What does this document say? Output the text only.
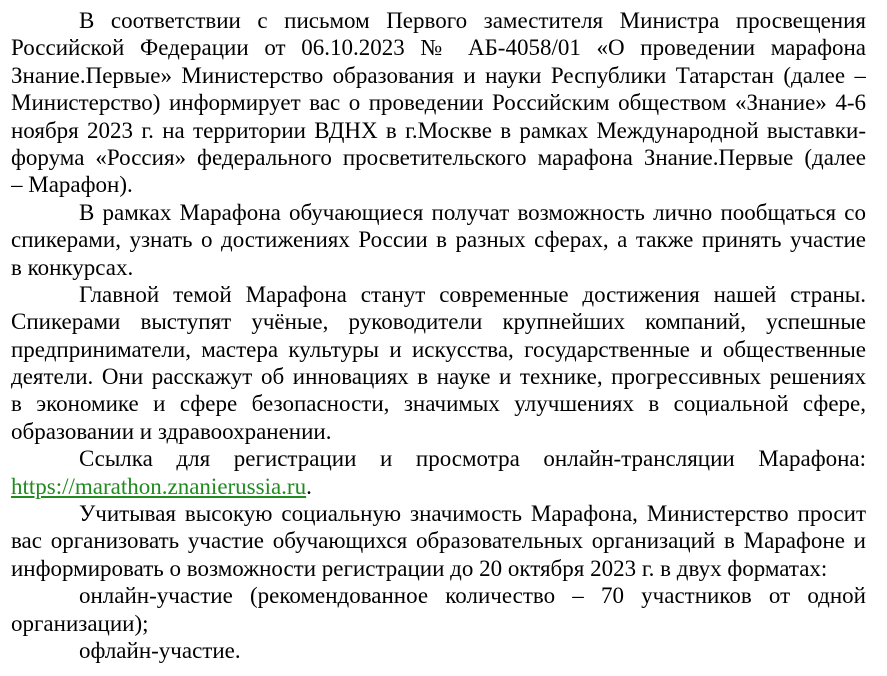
В соответствии с письмом Первого заместителя Министра просвещения
Российской Федерации от 06.10.2023 № АБ-4058/01 «О проведении марафона
Знание.Первые» Министерство образования и науки Республики Татарстан (далее –
Министерство) информирует вас о проведении Российским обществом «Знание» 4-6
ноября 2023 г. на территории ВДНХ в г.Москве в рамках Международной выставки-
форума «Россия» федерального просветительского марафона Знание.Первые (далее
– Марафон).
В рамках Марафона обучающиеся получат возможность лично пообщаться со
спикерами, узнать о достижениях России в разных сферах, а также принять участие
в конкурсах.
Главной темой Марафона станут современные достижения нашей страны.
Спикерами выступят учёные, руководители крупнейших компаний, успешные
предприниматели, мастера культуры и искусства, государственные и общественные
деятели. Они расскажут об инновациях в науке и технике, прогрессивных решениях
в экономике и сфере безопасности, значимых улучшениях в социальной сфере,
образовании и здравоохранении.
Ссылка для регистрации и просмотра онлайн-трансляции Марафона:
https://marathon.znanierussia.ru.
Учитывая высокую социальную значимость Марафона, Министерство просит
вас организовать участие обучающихся образовательных организаций в Марафоне и
информировать о возможности регистрации до 20 октября 2023 г. в двух форматах:
онлайн-участие (рекомендованное количество – 70 участников от одной
организации);
офлайн-участие.
